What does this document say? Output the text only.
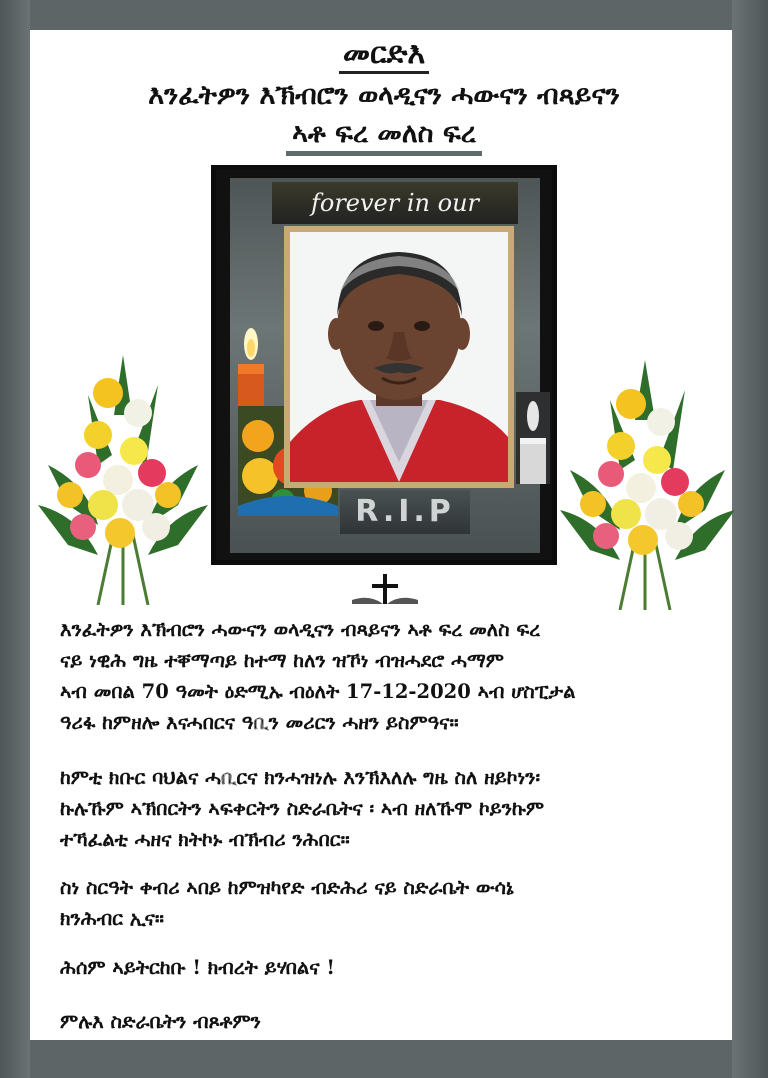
መርድእ
እንፈትዎን እኽብሮን ወላዲናን ሓውናን ብጻይናን
ኣቶ ፍረ መለስ ፍረ
forever in our
R.I.P
እንፈትዎን እኽብሮን ሓውናን ወላዲናን ብጻይናን ኣቶ ፍረ መለስ ፍረ
ናይ ነዊሕ ግዜ ተቐማጣይ ከተማ ከለን ዝኾነ ብዝሓደሮ ሓማም
ኣብ መበል 70 ዓመት ዕድሚኡ ብዕለት 17-12-2020 ኣብ ሆስፒታል
ዓሪፋ ከምዘሎ እናሓበርና ዓቢን መሪርን ሓዘን ይስምዓና።
ከምቲ ክቡር ባህልና ሓቢርና ክንሓዝነሉ እንኽእለሉ ግዜ ስለ ዘይኮነን፡
ኩሉኹም ኣኽበርትን ኣፍቀርትን ስድራቤትና ፡ ኣብ ዘለኹሞ ኮይንኩም
ተኻፈልቲ ሓዘና ክትኮኑ ብኽብሪ ንሕበር።
ስነ ስርዓት ቀብሪ ኣበይ ከምዝካየድ ብድሕሪ ናይ ስድራቤት ውሳኔ
ክንሕብር ኢና።
ሕሰም ኣይትርከቡ ! ክብረት ይሃበልና !
ምሉእ ስድራቤትን ብጾቶምን
